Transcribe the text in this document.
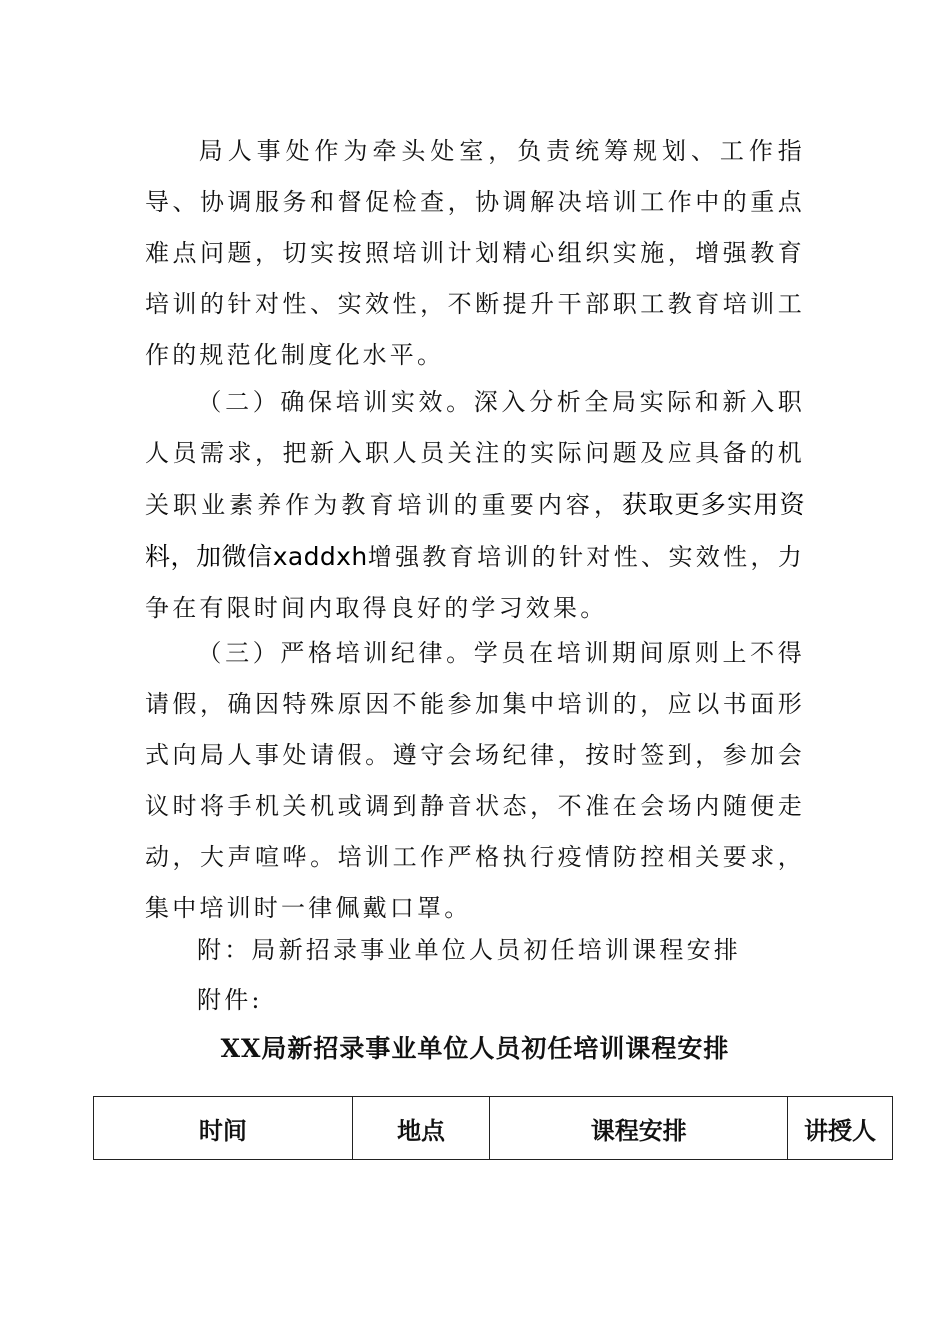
局人事处作为牵头处室，负责统筹规划、工作指导、协调服务和督促检查，协调解决培训工作中的重点难点问题，切实按照培训计划精心组织实施，增强教育培训的针对性、实效性，不断提升干部职工教育培训工作的规范化制度化水平。
（二）确保培训实效。深入分析全局实际和新入职人员需求，把新入职人员关注的实际问题及应具备的机关职业素养作为教育培训的重要内容，获取更多实用资料，加微信xaddxh增强教育培训的针对性、实效性，力争在有限时间内取得良好的学习效果。
（三）严格培训纪律。学员在培训期间原则上不得请假，确因特殊原因不能参加集中培训的，应以书面形式向局人事处请假。遵守会场纪律，按时签到，参加会议时将手机关机或调到静音状态，不准在会场内随便走动，大声喧哗。培训工作严格执行疫情防控相关要求，集中培训时一律佩戴口罩。
附：局新招录事业单位人员初任培训课程安排
附件:
XX局新招录事业单位人员初任培训课程安排
时间	地点	课程安排	讲授人
